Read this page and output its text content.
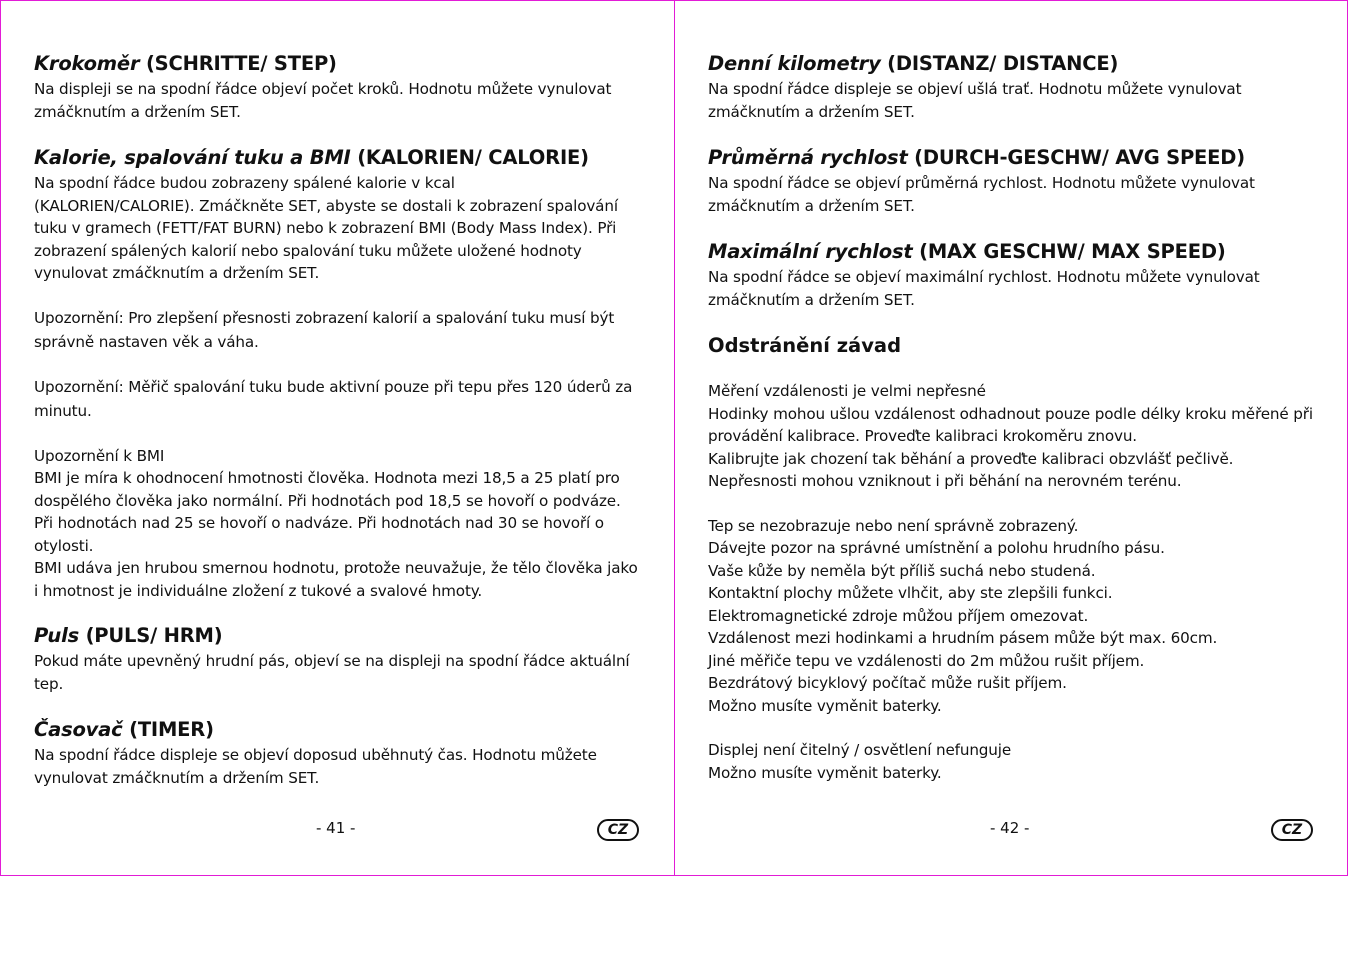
Krokoměr (SCHRITTE/ STEP)

Na displeji se na spodní řádce objeví počet kroků. Hodnotu můžete vynulovat

zmáčknutím a držením SET.

Kalorie, spalování tuku a BMI (KALORIEN/ CALORIE)

Na spodní řádce budou zobrazeny spálené kalorie v kcal

(KALORIEN/CALORIE). Zmáčkněte SET, abyste se dostali k zobrazení spalování

tuku v gramech (FETT/FAT BURN) nebo k zobrazení BMI (Body Mass Index). Při

zobrazení spálených kalorií nebo spalování tuku můžete uložené hodnoty

vynulovat zmáčknutím a držením SET.

Upozornění: Pro zlepšení přesnosti zobrazení kalorií a spalování tuku musí být

správně nastaven věk a váha.

Upozornění: Měřič spalování tuku bude aktivní pouze při tepu přes 120 úderů za

minutu.

Upozornění k BMI

BMI je míra k ohodnocení hmotnosti člověka. Hodnota mezi 18,5 a 25 platí pro

dospělého člověka jako normální. Při hodnotách pod 18,5 se hovoří o podváze.

Při hodnotách nad 25 se hovoří o nadváze. Při hodnotách nad 30 se hovoří o

otylosti.

BMI udáva jen hrubou smernou hodnotu, protože neuvažuje, že tělo člověka jako

i hmotnost je individuálne zložení z tukové a svalové hmoty.

Puls (PULS/ HRM)

Pokud máte upevněný hrudní pás, objeví se na displeji na spodní řádce aktuální

tep.

Časovač (TIMER)

Na spodní řádce displeje se objeví doposud uběhnutý čas. Hodnotu můžete

vynulovat zmáčknutím a držením SET.

- 41 -	CZ
Denní kilometry (DISTANZ/ DISTANCE)

Na spodní řádce displeje se objeví ušlá trať. Hodnotu můžete vynulovat

zmáčknutím a držením SET.

Průměrná rychlost (DURCH-GESCHW/ AVG SPEED)

Na spodní řádce se objeví průměrná rychlost. Hodnotu můžete vynulovat

zmáčknutím a držením SET.

Maximální rychlost (MAX GESCHW/ MAX SPEED)

Na spodní řádce se objeví maximální rychlost. Hodnotu můžete vynulovat

zmáčknutím a držením SET.

Odstránění závad

Měření vzdálenosti je velmi nepřesné

Hodinky mohou ušlou vzdálenost odhadnout pouze podle délky kroku měřené při

provádění kalibrace. Proveďte kalibraci krokoměru znovu.

Kalibrujte jak chození tak běhání a proveďte kalibraci obzvlášť pečlivě.

Nepřesnosti mohou vzniknout i při běhání na nerovném terénu.

Tep se nezobrazuje nebo není správně zobrazený.

Dávejte pozor na správné umístnění a polohu hrudního pásu.

Vaše kůže by neměla být příliš suchá nebo studená.

Kontaktní plochy můžete vlhčit, aby ste zlepšili funkci.

Elektromagnetické zdroje můžou příjem omezovat.

Vzdálenost mezi hodinkami a hrudním pásem může být max. 60cm.

Jiné měřiče tepu ve vzdálenosti do 2m můžou rušit příjem.

Bezdrátový bicyklový počítač může rušit příjem.

Možno musíte vyměnit baterky.

Displej není čitelný / osvětlení nefunguje

Možno musíte vyměnit baterky.

- 42 -	CZ
